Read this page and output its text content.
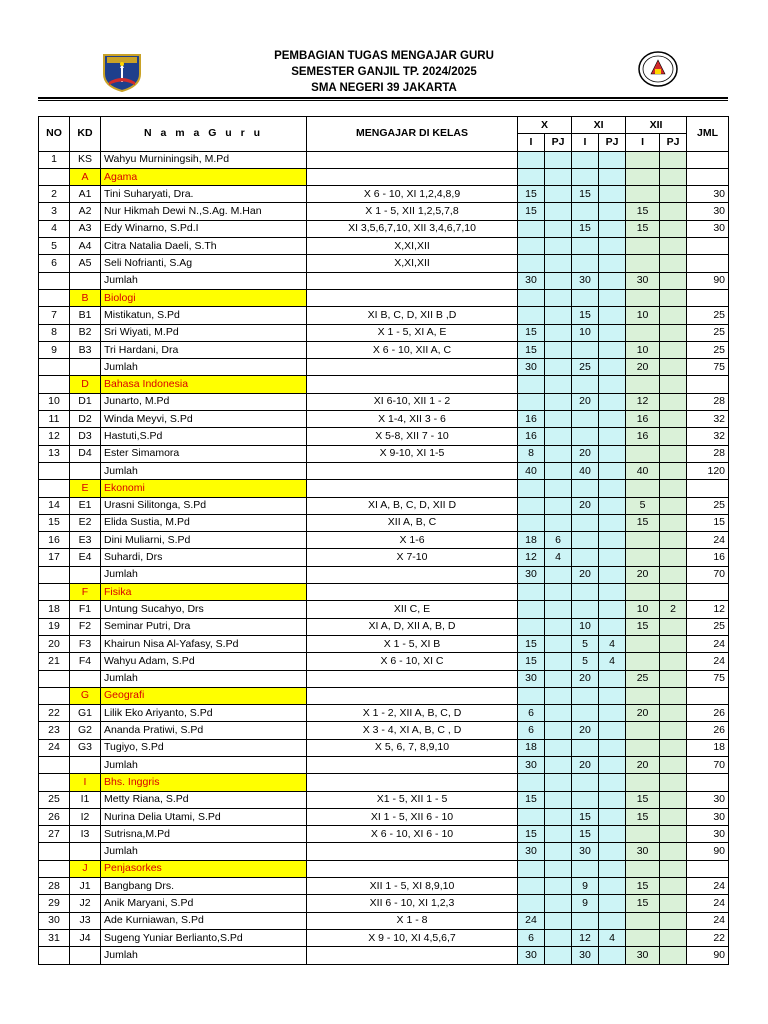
PEMBAGIAN TUGAS MENGAJAR GURU
SEMESTER GANJIL TP. 2024/2025
SMA NEGERI 39 JAKARTA
NO	KD	N a m a G u r u	MENGAJAR DI KELAS	X		XI		XII		JML
				I	PJ	I	PJ	I	PJ	
1	KS	Wahyu Murniningsih, M.Pd								
	A	Agama								
2	A1	Tini Suharyati, Dra.	X 6 - 10, XI 1,2,4,8,9	15		15				30
3	A2	Nur Hikmah Dewi N.,S.Ag. M.Han	X 1 - 5, XII 1,2,5,7,8	15				15		30
4	A3	Edy Winarno, S.Pd.I	XI 3,5,6,7,10, XII 3,4,6,7,10			15		15		30
5	A4	Citra Natalia Daeli, S.Th	X,XI,XII							
6	A5	Seli Nofrianti, S.Ag	X,XI,XII							
		Jumlah		30		30		30		90
	B	Biologi								
7	B1	Mistikatun, S.Pd	XI B, C, D, XII B ,D			15		10		25
8	B2	Sri Wiyati, M.Pd	X 1 - 5, XI A, E	15		10				25
9	B3	Tri Hardani, Dra	X 6 - 10, XII A, C	15				10		25
		Jumlah		30		25		20		75
	D	Bahasa Indonesia								
10	D1	Junarto, M.Pd	XI 6-10, XII 1 - 2			20		12		28
11	D2	Winda Meyvi, S.Pd	X 1-4, XII 3 - 6	16				16		32
12	D3	Hastuti,S.Pd	X 5-8, XII 7 - 10	16				16		32
13	D4	Ester Simamora	X 9-10, XI 1-5	8		20				28
		Jumlah		40		40		40		120
	E	Ekonomi								
14	E1	Urasni Silitonga, S.Pd	XI A, B, C, D, XII D			20		5		25
15	E2	Elida Sustia, M.Pd	XII A, B, C					15		15
16	E3	Dini Muliarni, S.Pd	X 1-6	18	6					24
17	E4	Suhardi, Drs	X 7-10	12	4					16
		Jumlah		30		20		20		70
	F	Fisika								
18	F1	Untung Sucahyo, Drs	XII C, E					10	2	12
19	F2	Seminar Putri, Dra	XI A, D, XII A, B, D			10		15		25
20	F3	Khairun Nisa Al-Yafasy, S.Pd	X 1 - 5, XI B	15		5	4			24
21	F4	Wahyu Adam, S.Pd	X 6 - 10, XI C	15		5	4			24
		Jumlah		30		20		25		75
	G	Geografi								
22	G1	Lilik Eko Ariyanto, S.Pd	X 1 - 2, XII A, B, C, D	6				20		26
23	G2	Ananda Pratiwi, S.Pd	X 3 - 4, XI A, B, C , D	6		20				26
24	G3	Tugiyo, S.Pd	X 5, 6, 7, 8,9,10	18						18
		Jumlah		30		20		20		70
	I	Bhs. Inggris								
25	I1	Metty Riana, S.Pd	X1 - 5, XII 1 - 5	15				15		30
26	I2	Nurina Delia Utami, S.Pd	XI 1 - 5, XII 6 - 10			15		15		30
27	I3	Sutrisna,M.Pd	X 6 - 10, XI 6 - 10	15		15				30
		Jumlah		30		30		30		90
	J	Penjasorkes								
28	J1	Bangbang Drs.	XII 1 - 5, XI 8,9,10			9		15		24
29	J2	Anik Maryani, S.Pd	XII 6 - 10, XI 1,2,3			9		15		24
30	J3	Ade Kurniawan, S.Pd	X 1 - 8	24						24
31	J4	Sugeng Yuniar Berlianto,S.Pd	X 9 - 10, XI 4,5,6,7	6		12	4			22
		Jumlah		30		30		30		90
